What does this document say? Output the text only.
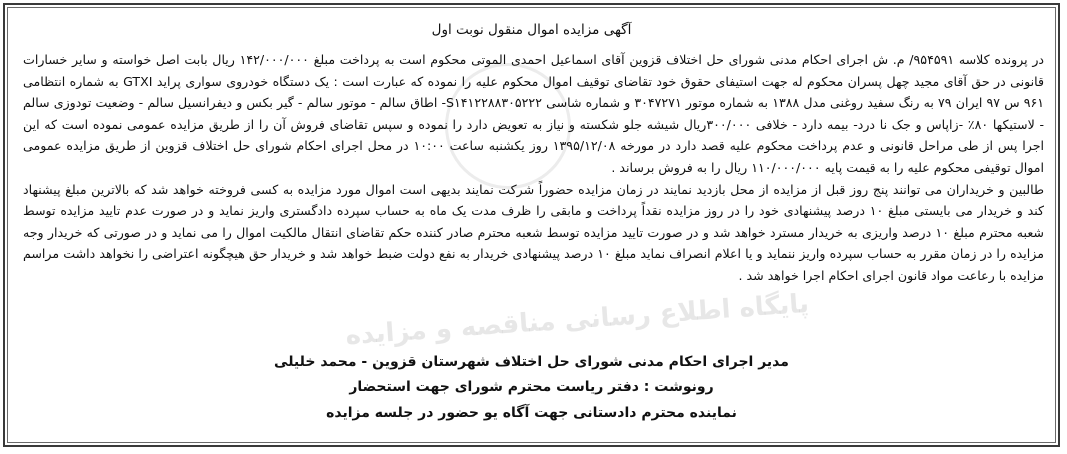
پایگاه اطلاع رسانی مناقصه و مزایده
آگهی مزایده اموال منقول نوبت اول

در پرونده کلاسه ۹۵۴۵۹۱/ م. ش اجرای احکام مدنی شورای حل اختلاف قزوین آقای اسماعیل احمدی الموتی محکوم است به پرداخت مبلغ ۱۴۲/۰۰۰/۰۰۰ ریال بابت اصل خواسته و سایر خسارات قانونی در حق آقای مجید چهل پسران محکوم له جهت استیفای حقوق خود تقاضای توقیف اموال محکوم علیه را نموده که عبارت است : یک دستگاه خودروی سواری پراید GTXI به شماره انتظامی ۹۶۱ س ۹۷ ایران ۷۹ به رنگ سفید روغنی مدل ۱۳۸۸ به شماره موتور ۳۰۴۷۲۷۱ و شماره شاسی S۱۴۱۲۲۸۸۳۰۵۲۲۲- اطاق سالم - موتور سالم - گیر بکس و دیفرانسیل سالم - وضعیت تودوزی سالم - لاستیکها ۸۰٪ -زاپاس و جک نا درد- بیمه دارد - خلافی ۳۰۰/۰۰۰ریال شیشه جلو شکسته و نیاز به تعویض دارد را نموده و سپس تقاضای فروش آن را از طریق مزایده عمومی نموده است که این اجرا پس از طی مراحل قانونی و عدم پرداخت محکوم علیه قصد دارد در مورخه ۱۳۹۵/۱۲/۰۸ روز یکشنبه ساعت ۱۰:۰۰ در محل اجرای احکام شورای حل اختلاف قزوین از طریق مزایده عمومی اموال توقیفی محکوم علیه را به قیمت پایه ۱۱۰/۰۰۰/۰۰۰ ریال را به فروش برساند .

طالبین و خریداران می توانند پنج روز قبل از مزایده از محل بازدید نمایند در زمان مزایده حضوراً شرکت نمایند بدیهی است اموال مورد مزایده به کسی فروخته خواهد شد که بالاترین مبلغ پیشنهاد کند و خریدار می بایستی مبلغ ۱۰ درصد پیشنهادی خود را در روز مزایده نقداً پرداخت و مابقی را ظرف مدت یک ماه به حساب سپرده دادگستری واریز نماید و در صورت عدم تایید مزایده توسط شعبه محترم مبلغ ۱۰ درصد واریزی به خریدار مسترد خواهد شد و در صورت تایید مزایده توسط شعبه محترم صادر کننده حکم تقاضای انتقال مالکیت اموال را می نماید و در صورتی که خریدار وجه مزایده را در زمان مقرر به حساب سپرده واریز ننماید و یا اعلام انصراف نماید مبلغ ۱۰ درصد پیشنهادی خریدار به نفع دولت ضبط خواهد شد و خریدار حق هیچگونه اعتراضی را نخواهد داشت مراسم مزایده با رعاعت مواد قانون اجرای احکام اجرا خواهد شد .

مدیر اجرای احکام مدنی شورای حل اختلاف شهرستان قزوین - محمد خلیلی
رونوشت : دفتر ریاست محترم شورای جهت استحضار
نماینده محترم دادستانی جهت آگاه یو حضور در جلسه مزایده
